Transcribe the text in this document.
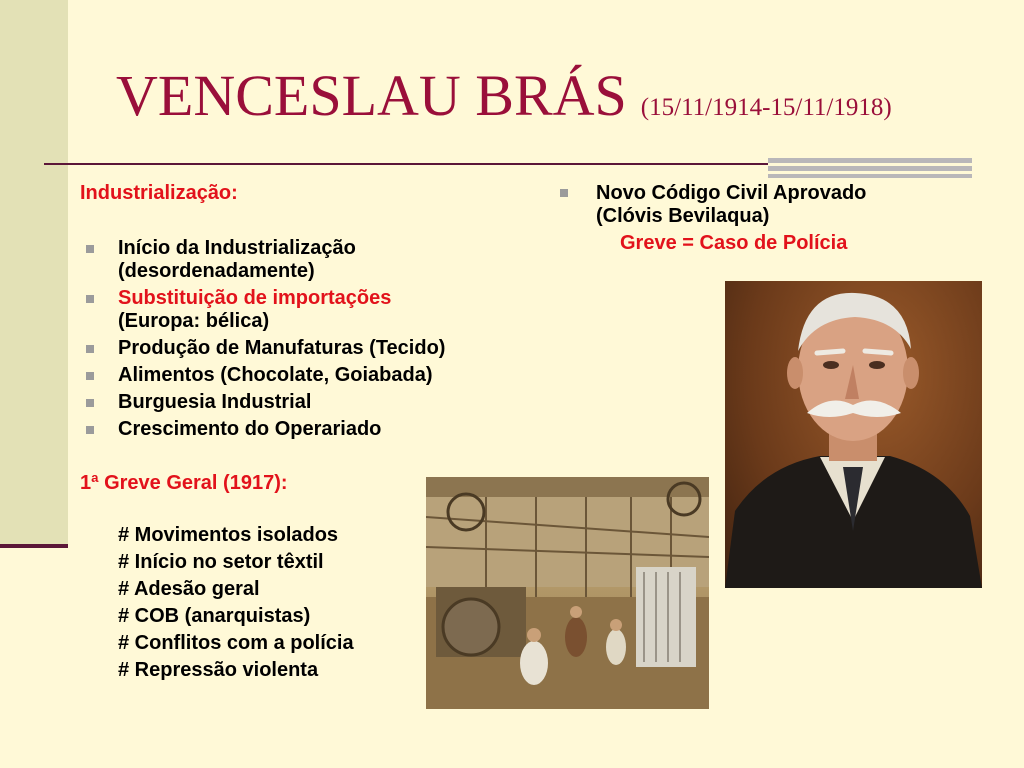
VENCESLAU BRÁS (15/11/1914-15/11/1918)
Industrialização:
Início da Industrialização
(desordenadamente)
Substituição de importações
(Europa: bélica)
Produção de Manufaturas (Tecido)
Alimentos (Chocolate, Goiabada)
Burguesia Industrial
Crescimento do Operariado
1ª Greve Geral (1917):
# Movimentos isolados
# Início no setor têxtil
# Adesão geral
# COB (anarquistas)
# Conflitos com a polícia
# Repressão violenta
Novo Código Civil Aprovado
(Clóvis Bevilaqua)
Greve = Caso de Polícia
